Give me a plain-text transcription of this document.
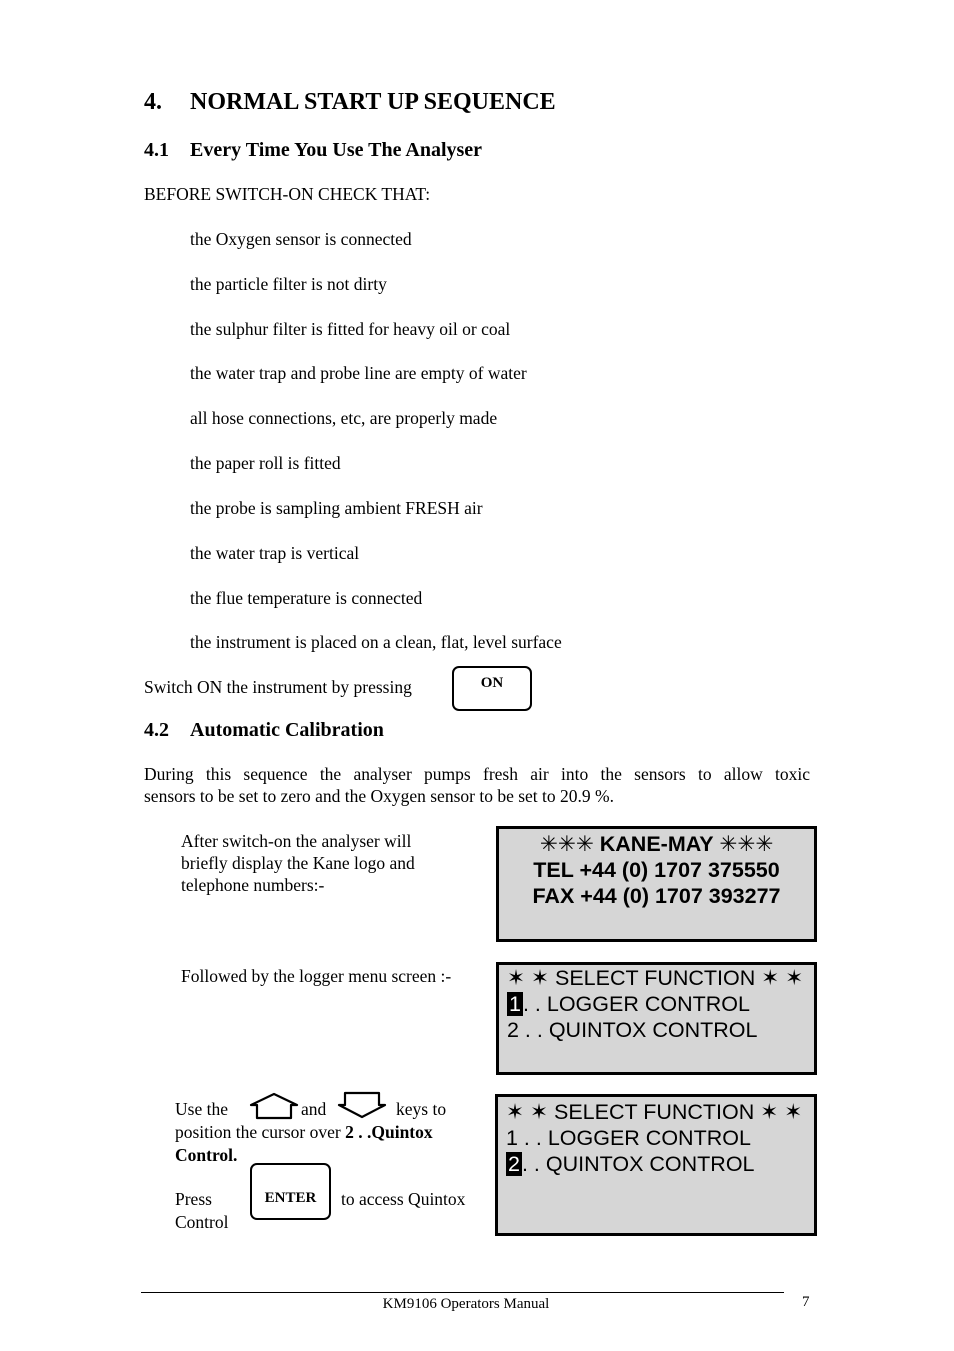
4. NORMAL START UP SEQUENCE
4.1 Every Time You Use The Analyser
BEFORE SWITCH-ON CHECK THAT:
the Oxygen sensor is connected
the particle filter is not dirty
the sulphur filter is fitted for heavy oil or coal
the water trap and probe line are empty of water
all hose connections, etc, are properly made
the paper roll is fitted
the probe is sampling ambient FRESH air
the water trap is vertical
the flue temperature is connected
the instrument is placed on a clean, flat, level surface
Switch ON the instrument by pressing	ON
4.2 Automatic Calibration
During this sequence the analyser pumps fresh air into the sensors to allow toxic
sensors to be set to zero and the Oxygen sensor to be set to 20.9 %.
After switch-on the analyser will
briefly display the Kane logo and
telephone numbers:-
✳✳✳ KANE-MAY ✳✳✳
TEL +44 (0) 1707 375550
FAX +44 (0) 1707 393277
Followed by the logger menu screen :-	✶ ✶ SELECT FUNCTION ✶ ✶
1. . LOGGER CONTROL
2 . . QUINTOX CONTROL
Use the	and	keys to
position the cursor over 2 . .Quintox
Control.
Press	ENTER to access Quintox
Control
✶ ✶ SELECT FUNCTION ✶ ✶
1 . . LOGGER CONTROL
2. . QUINTOX CONTROL
KM9106 Operators Manual	7
